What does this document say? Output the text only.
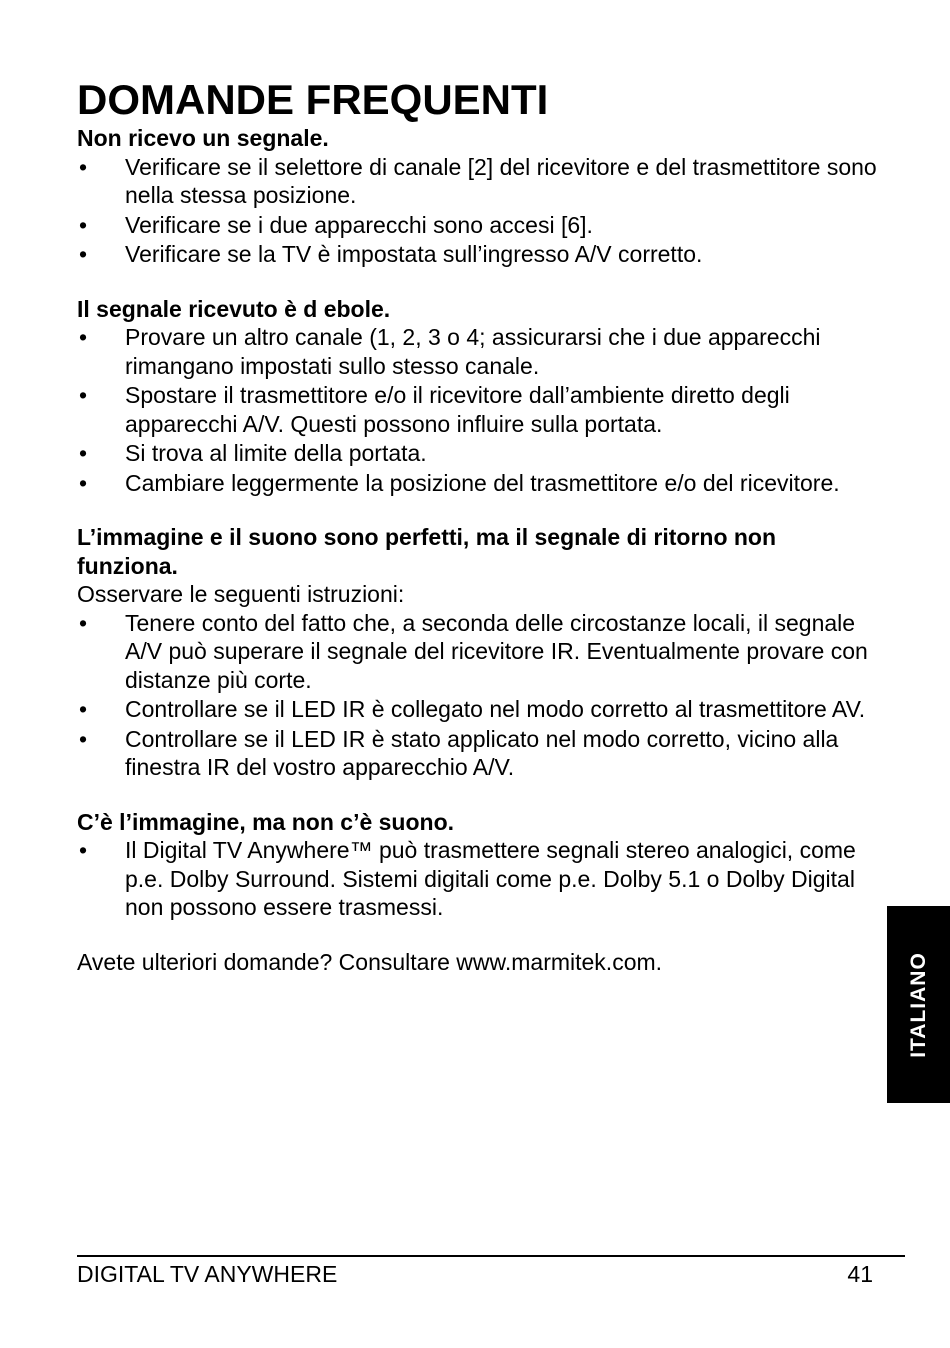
DOMANDE FREQUENTI

Non ricevo un segnale.

•	Verificare se il selettore di canale [2] del ricevitore e del trasmettitore sono nella stessa posizione.
•	Verificare se i due apparecchi sono accesi [6].
•	Verificare se la TV è impostata sull’ingresso A/V corretto.

Il segnale ricevuto è d ebole.

•	Provare un altro canale (1, 2, 3 o 4; assicurarsi che i due apparecchi rimangano impostati sullo stesso canale.
•	Spostare il trasmettitore e/o il ricevitore dall’ambiente diretto degli apparecchi A/V. Questi possono influire sulla portata.
•	Si trova al limite della portata.
•	Cambiare leggermente la posizione del trasmettitore e/o del ricevitore.

L’immagine e il suono sono perfetti, ma il segnale di ritorno non funziona.

Osservare le seguenti istruzioni:

•	Tenere conto del fatto che, a seconda delle circostanze locali, il segnale A/V può superare il segnale del ricevitore IR. Eventualmente provare con distanze più corte.
•	Controllare se il LED IR è collegato nel modo corretto al trasmettitore AV.
•	Controllare se il LED IR è stato applicato nel modo corretto, vicino alla finestra IR del vostro apparecchio A/V.

C’è l’immagine, ma non c’è suono.

•	Il Digital TV Anywhere™ può trasmettere segnali stereo analogici, come p.e. Dolby Surround. Sistemi digitali come p.e. Dolby 5.1 o Dolby Digital non possono essere trasmessi.

Avete ulteriori domande? Consultare www.marmitek.com.	ITALIANO
DIGITAL TV ANYWHERE	41
